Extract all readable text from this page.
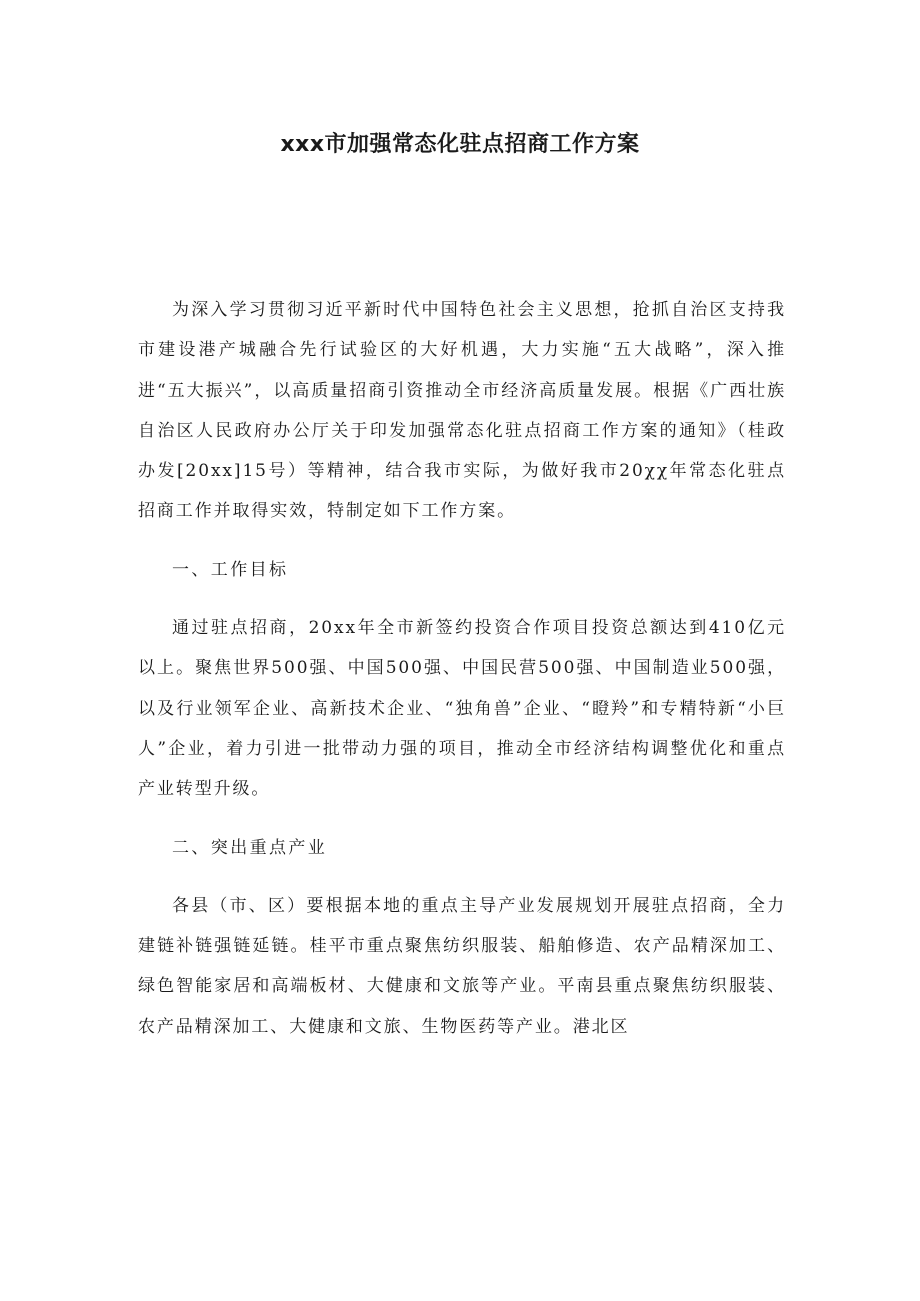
xxx市加强常态化驻点招商工作方案

为深入学习贯彻习近平新时代中国特色社会主义思想，抢抓自治区支持我市建设港产城融合先行试验区的大好机遇，大力实施“五大战略”，深入推进“五大振兴”，以高质量招商引资推动全市经济高质量发展。根据《广西壮族自治区人民政府办公厅关于印发加强常态化驻点招商工作方案的通知》（桂政办发[20xx]15号）等精神，结合我市实际，为做好我市20χχ年常态化驻点招商工作并取得实效，特制定如下工作方案。

一、工作目标

通过驻点招商，20xx年全市新签约投资合作项目投资总额达到410亿元以上。聚焦世界500强、中国500强、中国民营500强、中国制造业500强，以及行业领军企业、高新技术企业、“独角兽”企业、“瞪羚”和专精特新“小巨人”企业，着力引进一批带动力强的项目，推动全市经济结构调整优化和重点产业转型升级。

二、突出重点产业

各县（市、区）要根据本地的重点主导产业发展规划开展驻点招商，全力建链补链强链延链。桂平市重点聚焦纺织服装、船舶修造、农产品精深加工、绿色智能家居和高端板材、大健康和文旅等产业。平南县重点聚焦纺织服装、农产品精深加工、大健康和文旅、生物医药等产业。港北区
